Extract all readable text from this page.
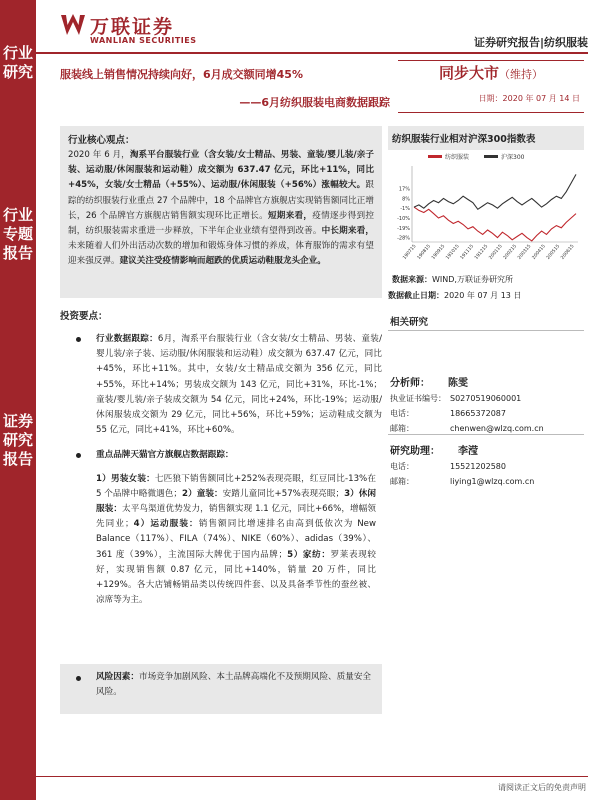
行业研究
行业专题报告
证券研究报告
万联证券
WANLIAN SECURITIES	证券研究报告|纺织服装
服装线上销售情况持续向好，6月成交额同增45%
——6月纺织服装电商数据跟踪
同步大市（维持）
日期：2020 年 07 月 14 日
行业核心观点：
2020 年 6 月，淘系平台服装行业（含女装/女士精品、男装、童装/婴儿装/亲子装、运动服/休闲服装和运动鞋）成交额为 637.47 亿元，环比+11%，同比+45%，女装/女士精品（+55%）、运动服/休闲服装（+56%）涨幅较大。跟踪的纺织服装行业重点 27 个品牌中，18 个品牌官方旗舰店实现销售额同比正增长，26 个品牌官方旗舰店销售额实现环比正增长。短期来看，疫情逐步得到控制，纺织服装需求重进一步释放，下半年企业业绩有望得到改善。中长期来看，未来随着人们外出活动次数的增加和锻炼身体习惯的养成，体育服饰的需求有望迎来强反弹。建议关注受疫情影响而超跌的优质运动鞋服龙头企业。
纺织服装行业相对沪深300指数表
纺织服装	沪深300
17%
8%
-1%
-10%
-19%
-28%
190715 190815 190915 191015 191115 191215 200115 200215 200315 200415 200515 200615
数据来源：WIND,万联证券研究所
数据截止日期：2020 年 07 月 13 日
相关研究
分析师： 陈雯
执业证书编号： S0270519060001
电话：	18665372087
邮箱：	chenwen@wlzq.com.cn
研究助理： 李滢
电话：	15521202580
邮箱：	liying1@wlzq.com.cn
投资要点：
行业数据跟踪：6月，淘系平台服装行业（含女装/女士精品、男装、童装/婴儿装/亲子装、运动服/休闲服装和运动鞋）成交额为 637.47 亿元，同比+45%，环比+11%。其中，女装/女士精品成交额为 356 亿元，同比+55%，环比+14%；男装成交额为 143 亿元，同比+31%，环比-1%；童装/婴儿装/亲子装成交额为 54 亿元，同比+24%，环比-19%；运动服/休闲服装成交额为 29 亿元，同比+56%，环比+59%；运动鞋成交额为 55 亿元，同比+41%，环比+60%。
重点品牌天猫官方旗舰店数据跟踪：
1）男装女装：七匹狼下销售额同比+252%表现亮眼，红豆同比-13%在 5 个品牌中略微遇色；2）童装：安踏儿童同比+57%表现亮眼；3）休闲服装：太平鸟渠道优势发力，销售额实现 1.1 亿元，同比+66%，增幅领先同业；4）运动服装：销售额同比增速排名由高到低依次为 New Balance（117%）、FILA（74%）、NIKE（60%）、adidas（39%）、361 度（39%），主流国际大牌优于国内品牌；5）家纺：罗莱表现较好，实现销售额 0.87 亿元，同比+140%，销量 20 万件，同比+129%。各大店铺畅销品类以传统四件套、以及具备季节性的蚕丝被、凉席等为主。
风险因素：市场竞争加剧风险、本土品牌高端化不及预期风险、质量安全风险。
请阅读正文后的免责声明
